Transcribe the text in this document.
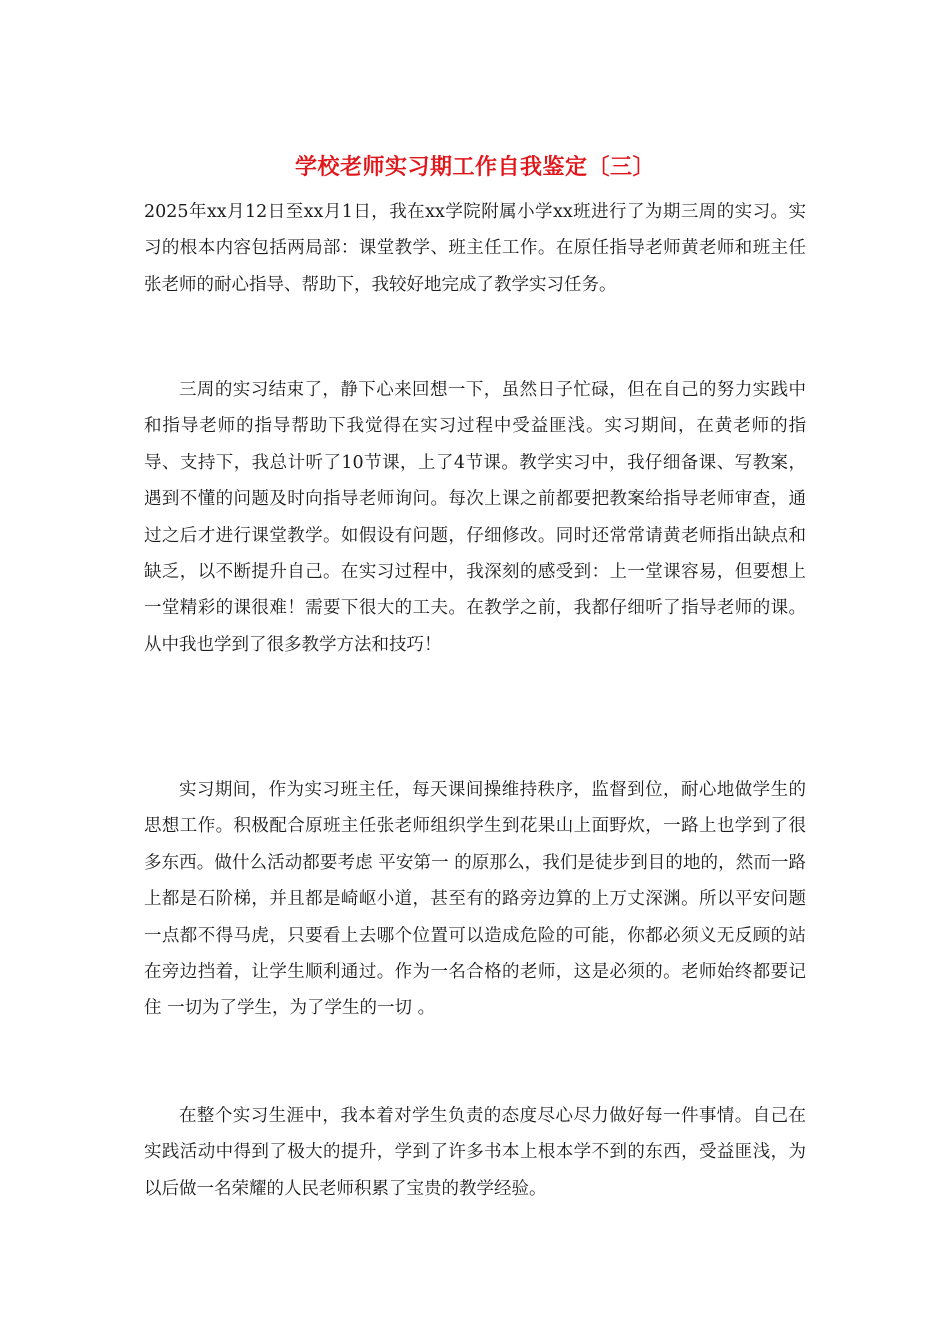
学校老师实习期工作自我鉴定〔三〕

2025年xx月12日至xx月1日，我在xx学院附属小学xx班进行了为期三周的实习。实习的根本内容包括两局部：课堂教学、班主任工作。在原任指导老师黄老师和班主任张老师的耐心指导、帮助下，我较好地完成了教学实习任务。

三周的实习结束了，静下心来回想一下，虽然日子忙碌，但在自己的努力实践中和指导老师的指导帮助下我觉得在实习过程中受益匪浅。实习期间，在黄老师的指导、支持下，我总计听了10节课，上了4节课。教学实习中，我仔细备课、写教案，遇到不懂的问题及时向指导老师询问。每次上课之前都要把教案给指导老师审查，通过之后才进行课堂教学。如假设有问题，仔细修改。同时还常常请黄老师指出缺点和缺乏，以不断提升自己。在实习过程中，我深刻的感受到：上一堂课容易，但要想上一堂精彩的课很难！需要下很大的工夫。在教学之前，我都仔细听了指导老师的课。从中我也学到了很多教学方法和技巧！

实习期间，作为实习班主任，每天课间操维持秩序，监督到位，耐心地做学生的思想工作。积极配合原班主任张老师组织学生到花果山上面野炊，一路上也学到了很多东西。做什么活动都要考虑 平安第一 的原那么，我们是徒步到目的地的，然而一路上都是石阶梯，并且都是崎岖小道，甚至有的路旁边算的上万丈深渊。所以平安问题一点都不得马虎，只要看上去哪个位置可以造成危险的可能，你都必须义无反顾的站在旁边挡着，让学生顺利通过。作为一名合格的老师，这是必须的。老师始终都要记住 一切为了学生，为了学生的一切 。

在整个实习生涯中，我本着对学生负责的态度尽心尽力做好每一件事情。自己在实践活动中得到了极大的提升，学到了许多书本上根本学不到的东西，受益匪浅，为以后做一名荣耀的人民老师积累了宝贵的教学经验。
